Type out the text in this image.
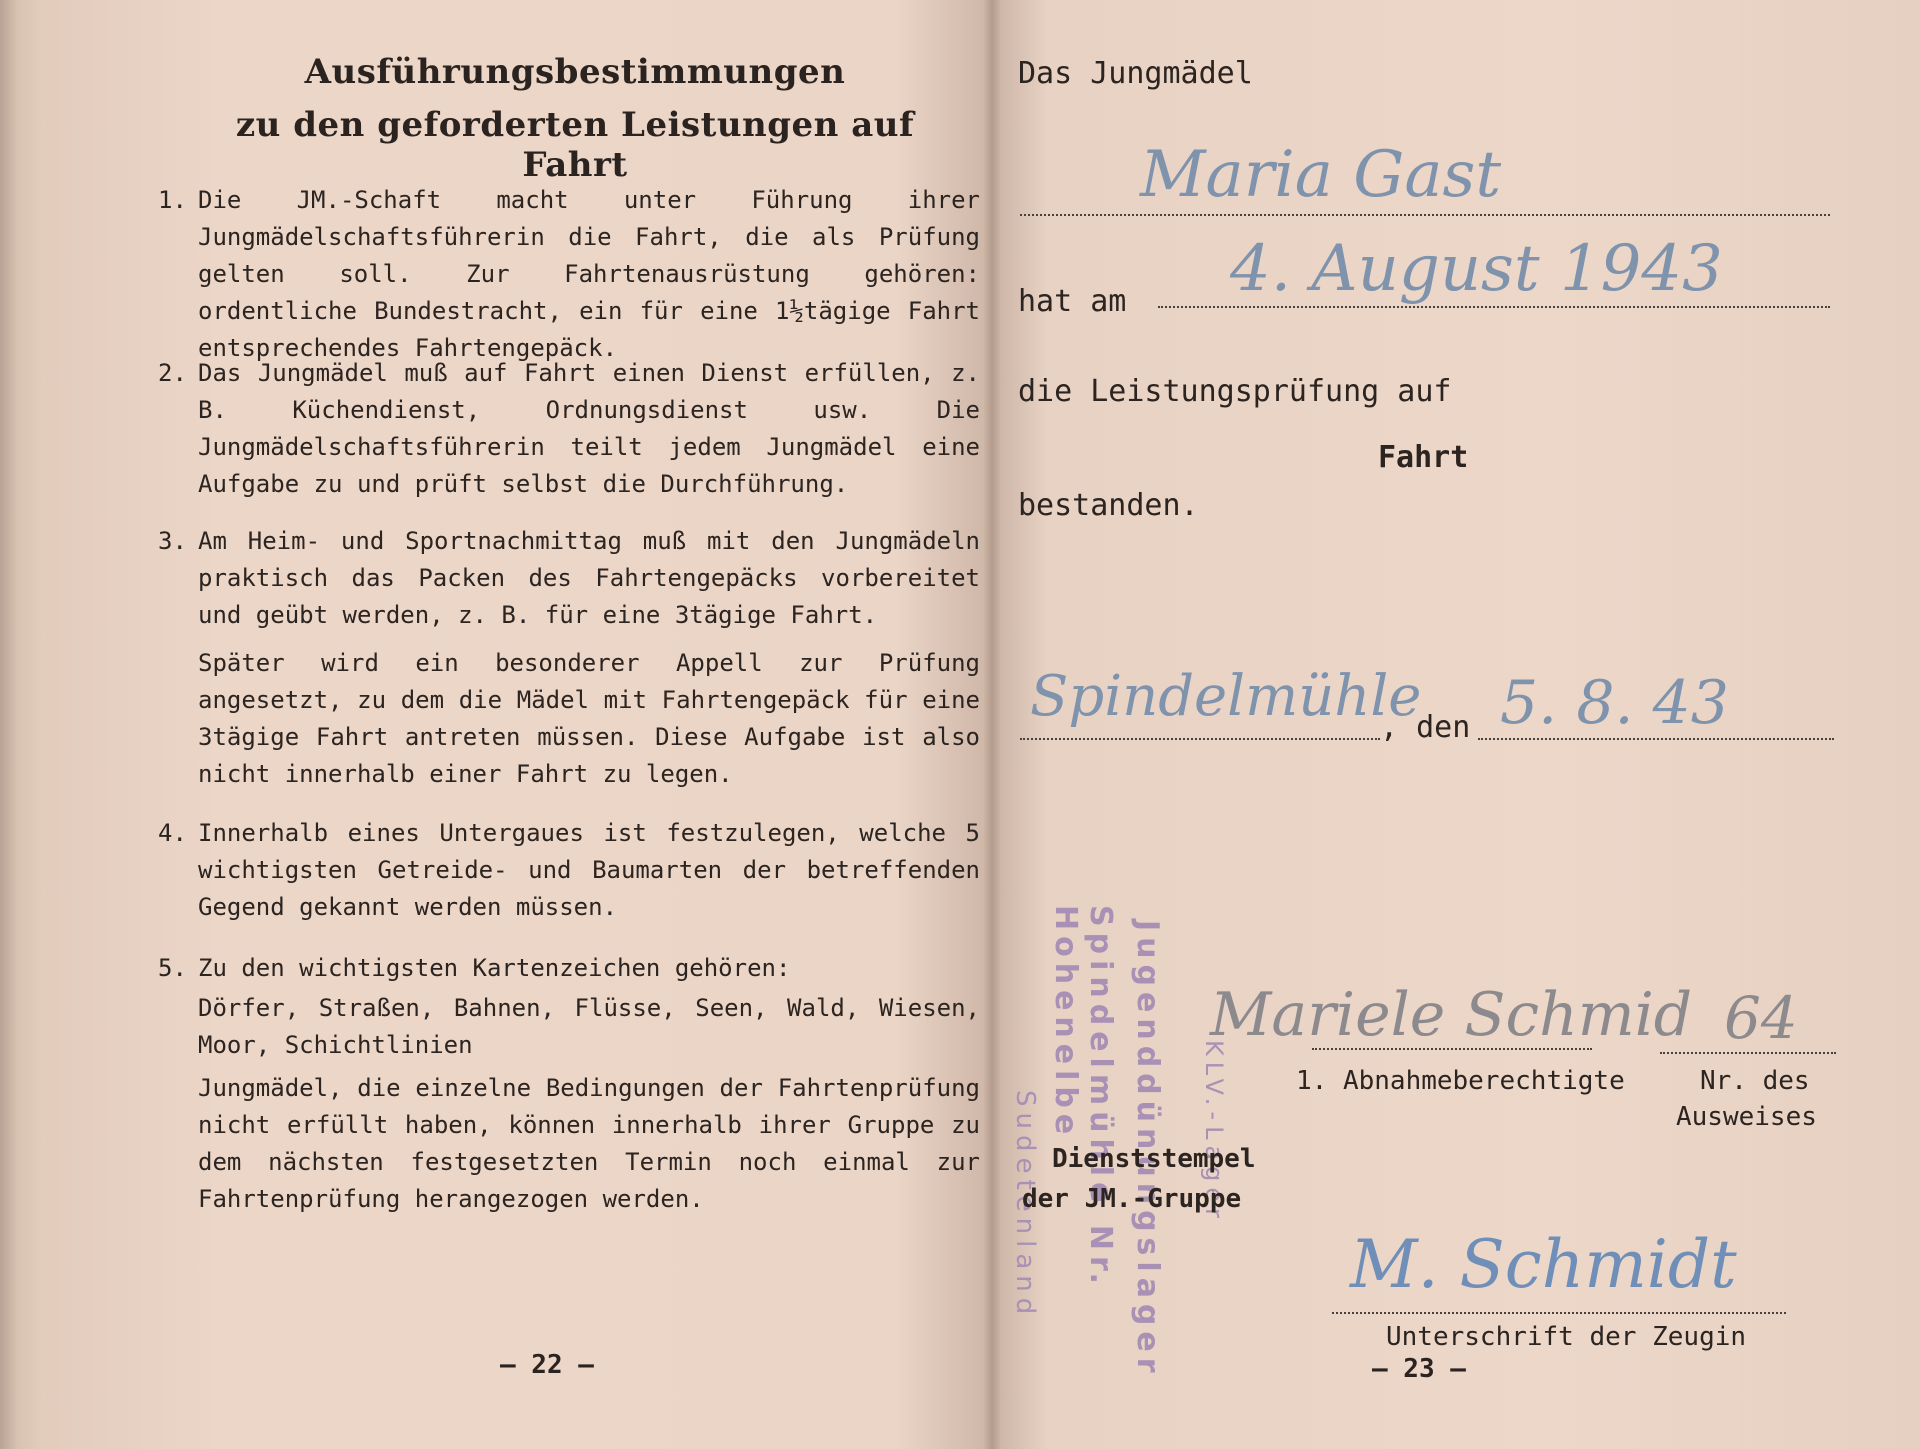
Ausführungsbestimmungen
zu den geforderten Leistungen auf Fahrt
1. Die JM.-Schaft macht unter Führung ihrer Jungmädelschaftsführerin die Fahrt, die als Prüfung gelten soll. Zur Fahrtenausrüstung gehören: ordentliche Bundestracht, ein für eine 1½tägige Fahrt entsprechendes Fahrtengepäck.
2. Das Jungmädel muß auf Fahrt einen Dienst erfüllen, z. B. Küchendienst, Ordnungsdienst usw. Die Jungmädelschaftsführerin teilt jedem Jungmädel eine Aufgabe zu und prüft selbst die Durchführung.
3. Am Heim- und Sportnachmittag muß mit den Jungmädeln praktisch das Packen des Fahrtengepäcks vorbereitet und geübt werden, z. B. für eine 3tägige Fahrt.
Später wird ein besonderer Appell zur Prüfung angesetzt, zu dem die Mädel mit Fahrtengepäck für eine 3tägige Fahrt antreten müssen. Diese Aufgabe ist also nicht innerhalb einer Fahrt zu legen.
4. Innerhalb eines Untergaues ist festzulegen, welche 5 wichtigsten Getreide- und Baumarten der betreffenden Gegend gekannt werden müssen.
5. Zu den wichtigsten Kartenzeichen gehören:
Dörfer, Straßen, Bahnen, Flüsse, Seen, Wald, Wiesen, Moor, Schichtlinien
Jungmädel, die einzelne Bedingungen der Fahrtenprüfung nicht erfüllt haben, können innerhalb ihrer Gruppe zu dem nächsten festgesetzten Termin noch einmal zur Fahrtenprüfung herangezogen werden.
— 22 —
Das Jungmädel
Maria Gast
hat am 4. August 1943
die Leistungsprüfung auf
Fahrt
bestanden.
Spindelmühle
, den 5. 8. 43
Spindelmühle Nr. Hohenelbe
Sudetenland	Jugenddünungslager KLV.-Lager
Dienststempel
der JM.-Gruppe
Mariele Schmid 64
1. Abnahmeberechtigte	Nr. des
Ausweises
M. Schmidt
Unterschrift der Zeugin
— 23 —
